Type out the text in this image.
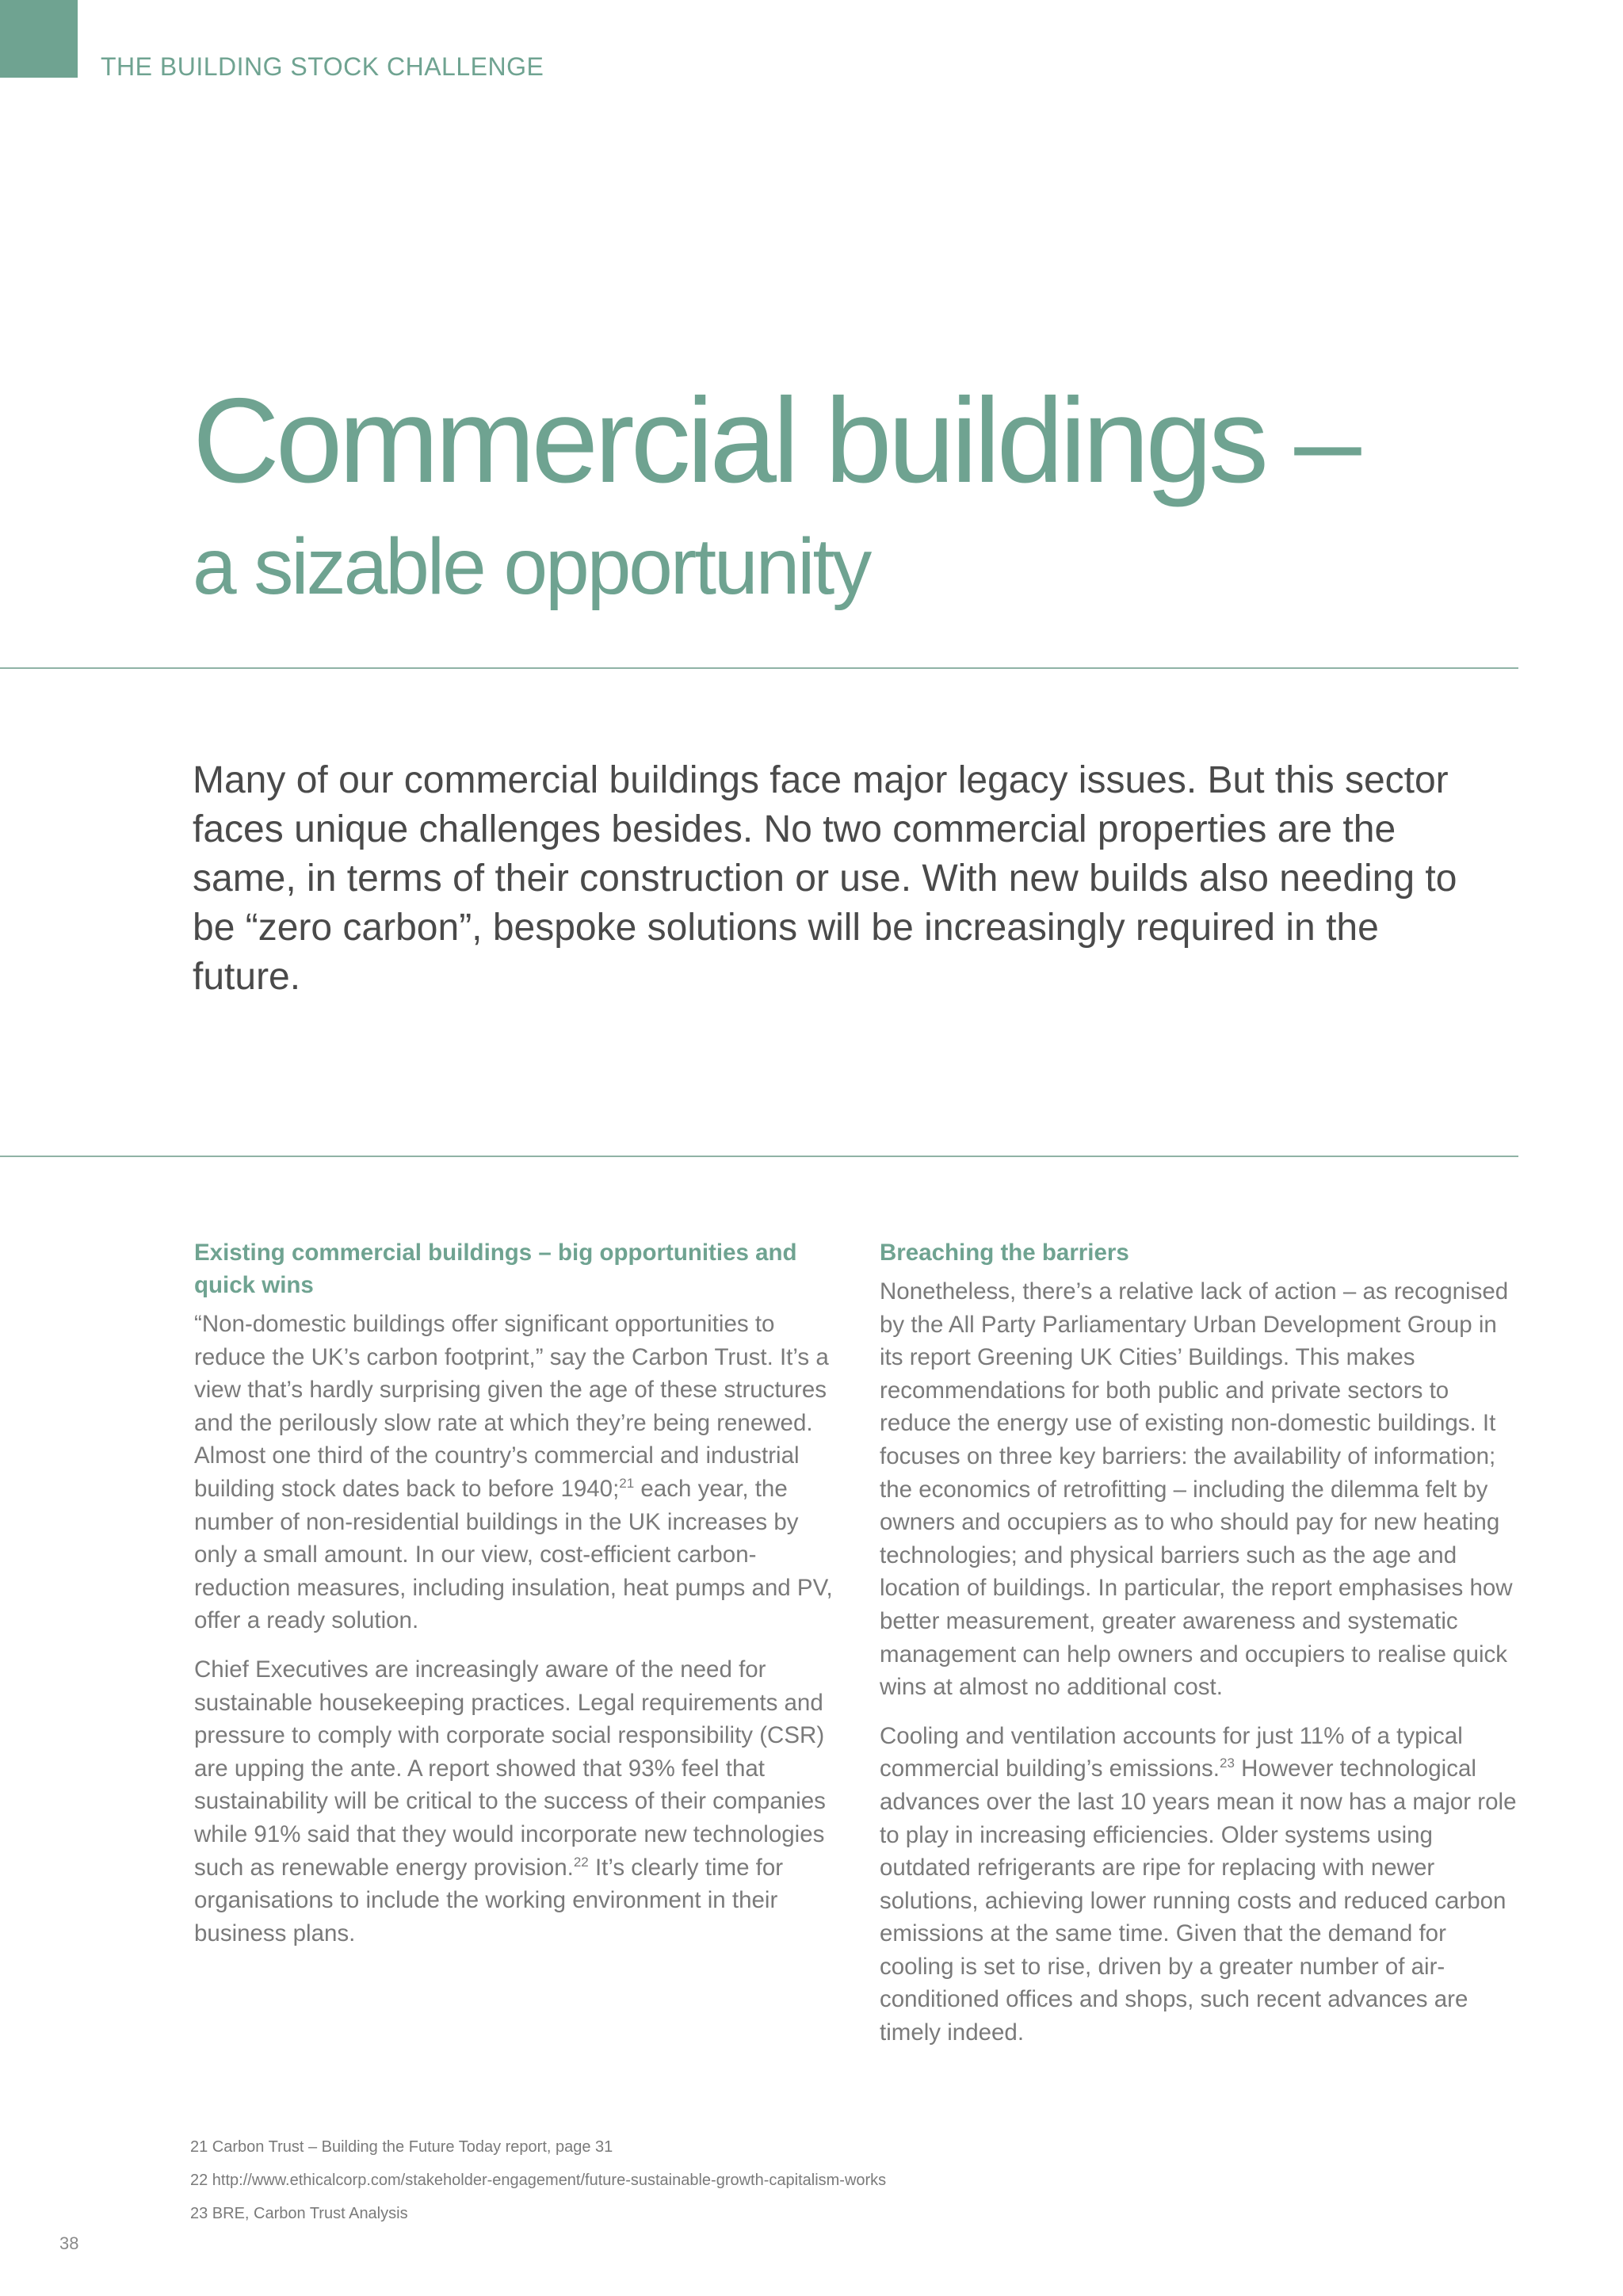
THE BUILDING STOCK CHALLENGE
Commercial buildings –
a sizable opportunity

Many of our commercial buildings face major legacy issues. But this sector faces unique challenges besides. No two commercial properties are the same, in terms of their construction or use. With new builds also needing to be “zero carbon”, bespoke solutions will be increasingly required in the future.

Existing commercial buildings – big opportunities and quick wins

“Non-domestic buildings offer significant opportunities to reduce the UK’s carbon footprint,” say the Carbon Trust. It’s a view that’s hardly surprising given the age of these structures and the perilously slow rate at which they’re being renewed. Almost one third of the country’s commercial and industrial building stock dates back to before 1940;$^{21}$ each year, the number of non-residential buildings in the UK increases by only a small amount. In our view, cost-efficient carbon-reduction measures, including insulation, heat pumps and PV, offer a ready solution.

Chief Executives are increasingly aware of the need for sustainable housekeeping practices. Legal requirements and pressure to comply with corporate social responsibility (CSR) are upping the ante. A report showed that 93% feel that sustainability will be critical to the success of their companies while 91% said that they would incorporate new technologies such as renewable energy provision.$^{22}$ It’s clearly time for organisations to include the working environment in their business plans.

Breaching the barriers

Nonetheless, there’s a relative lack of action – as recognised by the All Party Parliamentary Urban Development Group in its report Greening UK Cities’ Buildings. This makes recommendations for both public and private sectors to reduce the energy use of existing non-domestic buildings. It focuses on three key barriers: the availability of information; the economics of retrofitting – including the dilemma felt by owners and occupiers as to who should pay for new heating technologies; and physical barriers such as the age and location of buildings. In particular, the report emphasises how better measurement, greater awareness and systematic management can help owners and occupiers to realise quick wins at almost no additional cost.

Cooling and ventilation accounts for just 11% of a typical commercial building’s emissions.$^{23}$ However technological advances over the last 10 years mean it now has a major role to play in increasing efficiencies. Older systems using outdated refrigerants are ripe for replacing with newer solutions, achieving lower running costs and reduced carbon emissions at the same time. Given that the demand for cooling is set to rise, driven by a greater number of air-conditioned offices and shops, such recent advances are timely indeed.

21 Carbon Trust – Building the Future Today report, page 31

22 http://www.ethicalcorp.com/stakeholder-engagement/future-sustainable-growth-capitalism-works

23 BRE, Carbon Trust Analysis

38
